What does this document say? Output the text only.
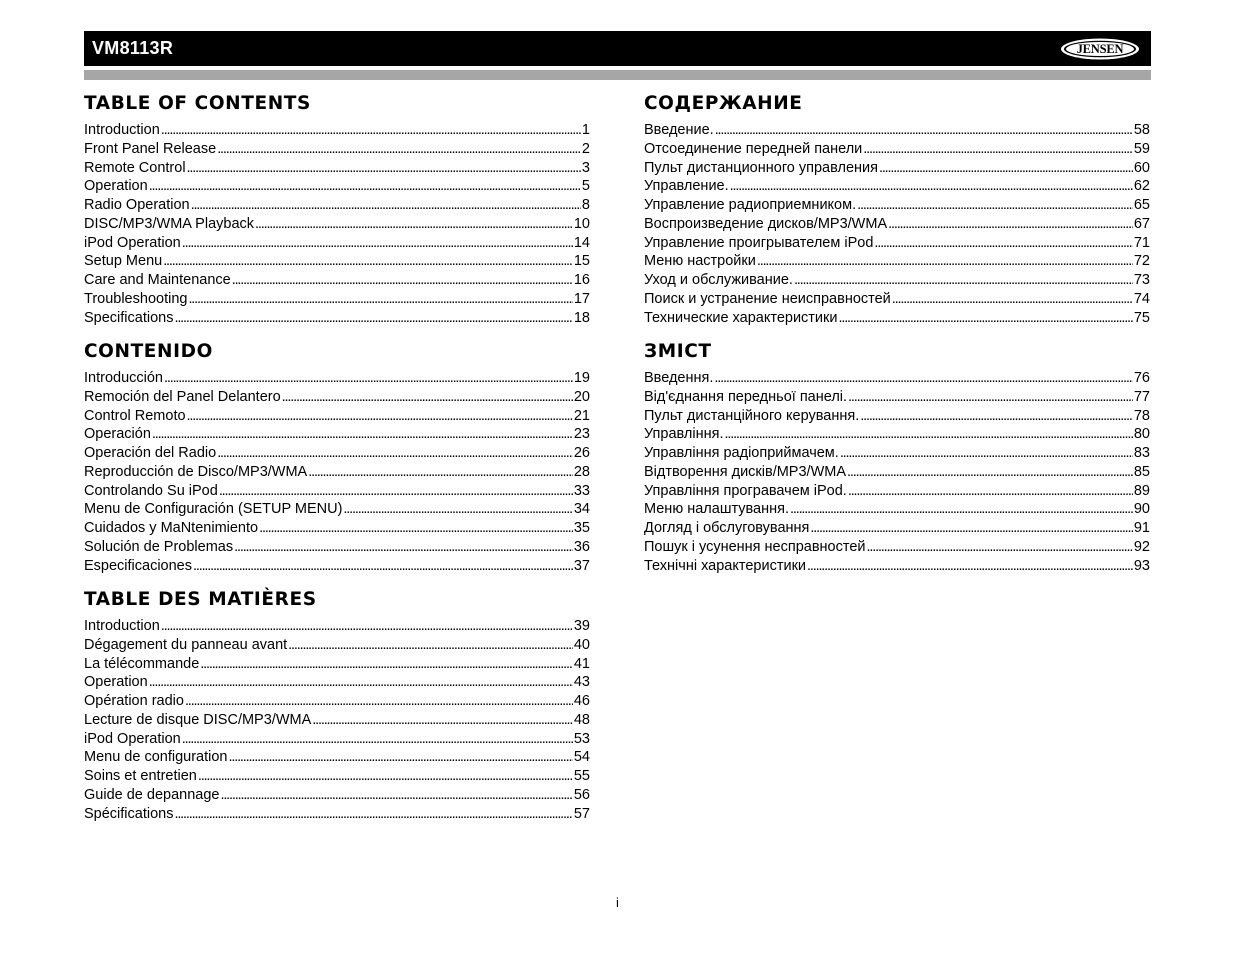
VM8113R	JENSEN
TABLE OF CONTENTS
Introduction . . .	1
Front Panel Release . . .	2
Remote Control . . .	3
Operation . . .	5
Radio Operation . . .	8
DISC/MP3/WMA Playback . . .	10
iPod Operation . . .	14
Setup Menu . . .	15
Care and Maintenance . . .	16
Troubleshooting . . .	17
Specifications . . .	18
CONTENIDO
Introducción . . .	19
Remoción del Panel Delantero . . .	20
Control Remoto . . .	21
Operación . . .	23
Operación del Radio . . .	26
Reproducción de Disco/MP3/WMA . . .	28
Controlando Su iPod . . .	33
Menu de Configuración (SETUP MENU) . . .	34
Cuidados y MaNtenimiento . . .	35
Solución de Problemas . . .	36
Especificaciones . . .	37
TABLE DES MATIÈRES
Introduction . . .	39
Dégagement du panneau avant . . .	40
La télécommande . . .	41
Operation . . .	43
Opération radio . . .	46
Lecture de disque DISC/MP3/WMA . . .	48
iPod Operation . . .	53
Menu de configuration . . .	54
Soins et entretien . . .	55
Guide de depannage . . .	56
Spécifications . . .	57
СОДЕРЖАНИЕ
Введение. . . .	58
Отсоединение передней панели . . .	59
Пульт дистанционного управления . . .	60
Управление. . . .	62
Управление радиоприемником. . . .	65
Воспроизведение дисков/MP3/WMA . . .	67
Управление проигрывателем iPod . . .	71
Меню настройки . . .	72
Уход и обслуживание. . . .	73
Поиск и устранение неисправностей . . .	74
Технические характеристики . . .	75
ЗМІСТ
Введення. . . .	76
Від'єднання передньої панелі. . . .	77
Пульт дистанційного керування. . . .	78
Управління. . . .	80
Управління радіоприймачем. . . .	83
Відтворення дисків/MP3/WMA . . .	85
Управління програвачем iPod. . . .	89
Меню налаштування. . . .	90
Догляд і обслуговування . . .	91
Пошук і усунення несправностей . . .	92
Технічні характеристики . . .	93
i
